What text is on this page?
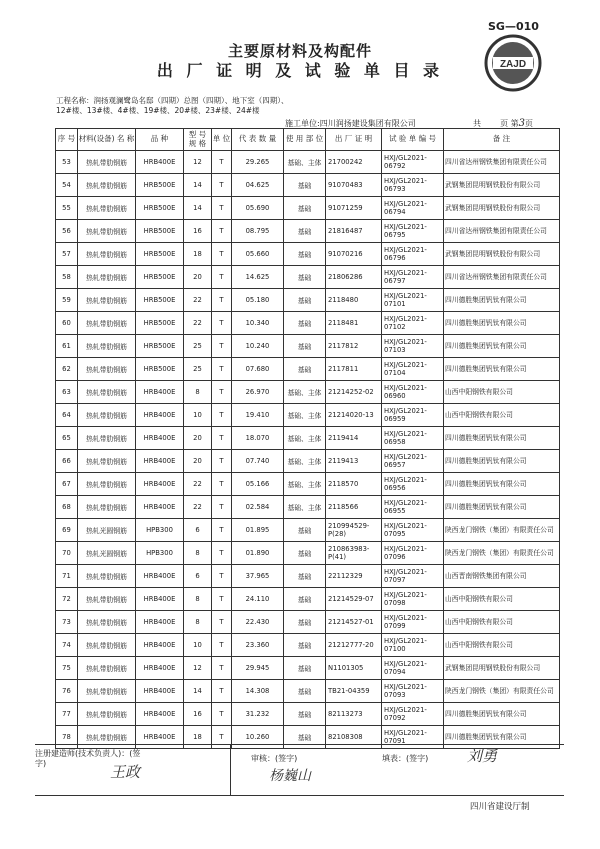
SG—010
ZAJD
主要原材料及构配件
出 厂 证 明 及 试 验 单 目 录
工程名称：润扬观澜鹭岛名邸（四期）总图（四期）、地下室（四期）、12#楼、13#楼、4#楼、19#楼、20#楼、23#楼、24#楼
施工单位:四川润扬建设集团有限公司	共 页 第3页
序 号	材料(设备) 名 称	品 种	型 号 规 格	单 位	代 表 数 量	使 用 部 位	出 厂 证 明	试 验 单 编 号	备 注
53	热轧带肋钢筋	HRB400E	12	T	29.265	基础、主体	21700242	HXJ/GL2021-06792	四川省达州钢铁集团有限责任公司
54	热轧带肋钢筋	HRB500E	14	T	04.625	基础	91070483	HXJ/GL2021-06793	武钢集团昆明钢铁股份有限公司
55	热轧带肋钢筋	HRB500E	14	T	05.690	基础	91071259	HXJ/GL2021-06794	武钢集团昆明钢铁股份有限公司
56	热轧带肋钢筋	HRB500E	16	T	08.795	基础	21816487	HXJ/GL2021-06795	四川省达州钢铁集团有限责任公司
57	热轧带肋钢筋	HRB500E	18	T	05.660	基础	91070216	HXJ/GL2021-06796	武钢集团昆明钢铁股份有限公司
58	热轧带肋钢筋	HRB500E	20	T	14.625	基础	21806286	HXJ/GL2021-06797	四川省达州钢铁集团有限责任公司
59	热轧带肋钢筋	HRB500E	22	T	05.180	基础	2118480	HXJ/GL2021-07101	四川德胜集团钒钛有限公司
60	热轧带肋钢筋	HRB500E	22	T	10.340	基础	2118481	HXJ/GL2021-07102	四川德胜集团钒钛有限公司
61	热轧带肋钢筋	HRB500E	25	T	10.240	基础	2117812	HXJ/GL2021-07103	四川德胜集团钒钛有限公司
62	热轧带肋钢筋	HRB500E	25	T	07.680	基础	2117811	HXJ/GL2021-07104	四川德胜集团钒钛有限公司
63	热轧带肋钢筋	HRB400E	8	T	26.970	基础、主体	21214252-02	HXJ/GL2021-06960	山西中阳钢铁有限公司
64	热轧带肋钢筋	HRB400E	10	T	19.410	基础、主体	21214020-13	HXJ/GL2021-06959	山西中阳钢铁有限公司
65	热轧带肋钢筋	HRB400E	20	T	18.070	基础、主体	2119414	HXJ/GL2021-06958	四川德胜集团钒钛有限公司
66	热轧带肋钢筋	HRB400E	20	T	07.740	基础、主体	2119413	HXJ/GL2021-06957	四川德胜集团钒钛有限公司
67	热轧带肋钢筋	HRB400E	22	T	05.166	基础、主体	2118570	HXJ/GL2021-06956	四川德胜集团钒钛有限公司
68	热轧带肋钢筋	HRB400E	22	T	02.584	基础、主体	2118566	HXJ/GL2021-06955	四川德胜集团钒钛有限公司
69	热轧光圆钢筋	HPB300	6	T	01.895	基础	210994529-P(28)	HXJ/GL2021-07095	陕西龙门钢铁（集团）有限责任公司
70	热轧光圆钢筋	HPB300	8	T	01.890	基础	210863983-P(41)	HXJ/GL2021-07096	陕西龙门钢铁（集团）有限责任公司
71	热轧带肋钢筋	HRB400E	6	T	37.965	基础	22112329	HXJ/GL2021-07097	山西晋南钢铁集团有限公司
72	热轧带肋钢筋	HRB400E	8	T	24.110	基础	21214529-07	HXJ/GL2021-07098	山西中阳钢铁有限公司
73	热轧带肋钢筋	HRB400E	8	T	22.430	基础	21214527-01	HXJ/GL2021-07099	山西中阳钢铁有限公司
74	热轧带肋钢筋	HRB400E	10	T	23.360	基础	21212777-20	HXJ/GL2021-07100	山西中阳钢铁有限公司
75	热轧带肋钢筋	HRB400E	12	T	29.945	基础	N1101305	HXJ/GL2021-07094	武钢集团昆明钢铁股份有限公司
76	热轧带肋钢筋	HRB400E	14	T	14.308	基础	TB21-04359	HXJ/GL2021-07093	陕西龙门钢铁（集团）有限责任公司
77	热轧带肋钢筋	HRB400E	16	T	31.232	基础	82113273	HXJ/GL2021-07092	四川德胜集团钒钛有限公司
78	热轧带肋钢筋	HRB400E	18	T	10.260	基础	82108308	HXJ/GL2021-07091	四川德胜集团钒钛有限公司
注册建造师(技术负责人)：(签字)	王政
审核：(签字)
杨巍山
填表：(签字)	刘勇
四川省建设厅制
